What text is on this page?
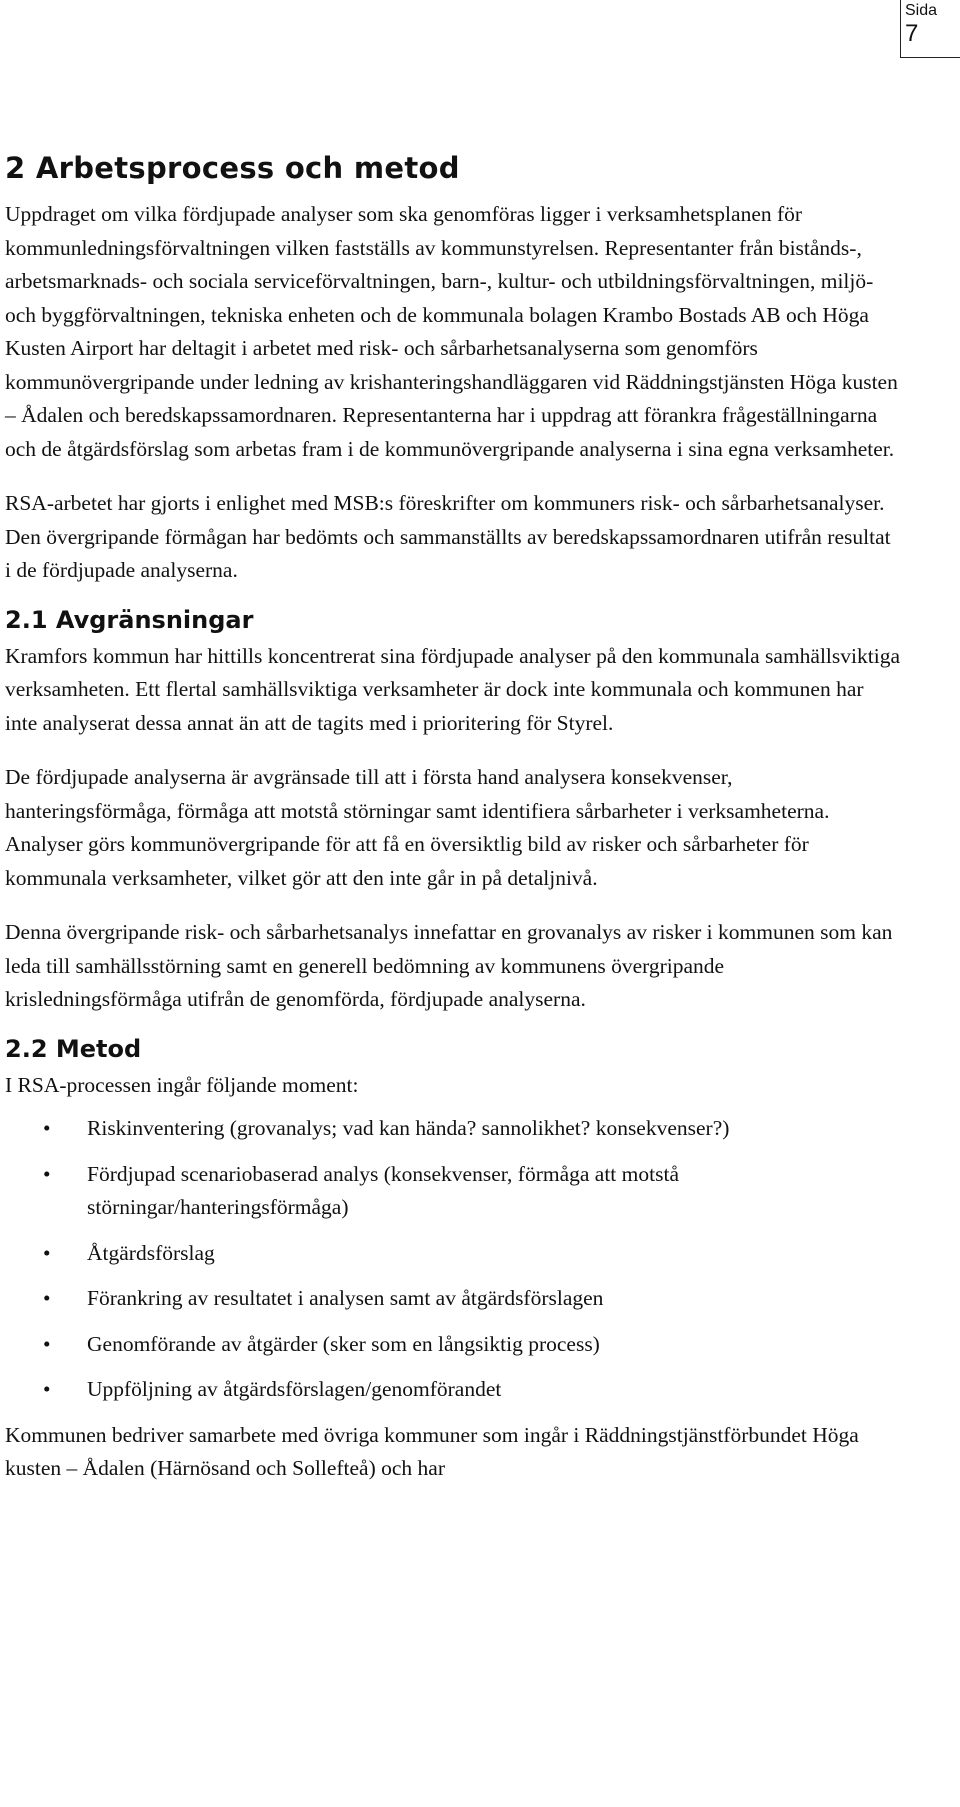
Sida
7
2 Arbetsprocess och metod

Uppdraget om vilka fördjupade analyser som ska genomföras ligger i verksamhetsplanen för kommunledningsförvaltningen vilken fastställs av kommunstyrelsen. Representanter från bistånds-, arbetsmarknads- och sociala serviceförvaltningen, barn-, kultur- och utbildningsförvaltningen, miljö- och byggförvaltningen, tekniska enheten och de kommunala bolagen Krambo Bostads AB och Höga Kusten Airport har deltagit i arbetet med risk- och sårbarhetsanalyserna som genomförs kommunövergripande under ledning av krishanteringshandläggaren vid Räddningstjänsten Höga kusten – Ådalen och beredskapssamordnaren. Representanterna har i uppdrag att förankra frågeställningarna och de åtgärdsförslag som arbetas fram i de kommunövergripande analyserna i sina egna verksamheter.

RSA-arbetet har gjorts i enlighet med MSB:s föreskrifter om kommuners risk- och sårbarhetsanalyser. Den övergripande förmågan har bedömts och sammanställts av beredskapssamordnaren utifrån resultat i de fördjupade analyserna.

2.1 Avgränsningar

Kramfors kommun har hittills koncentrerat sina fördjupade analyser på den kommunala samhällsviktiga verksamheten. Ett flertal samhällsviktiga verksamheter är dock inte kommunala och kommunen har inte analyserat dessa annat än att de tagits med i prioritering för Styrel.

De fördjupade analyserna är avgränsade till att i första hand analysera konsekvenser, hanteringsförmåga, förmåga att motstå störningar samt identifiera sårbarheter i verksamheterna. Analyser görs kommunövergripande för att få en översiktlig bild av risker och sårbarheter för kommunala verksamheter, vilket gör att den inte går in på detaljnivå.

Denna övergripande risk- och sårbarhetsanalys innefattar en grovanalys av risker i kommunen som kan leda till samhällsstörning samt en generell bedömning av kommunens övergripande krisledningsförmåga utifrån de genomförda, fördjupade analyserna.

2.2 Metod

I RSA-processen ingår följande moment:

• Riskinventering (grovanalys; vad kan hända? sannolikhet? konsekvenser?)
• Fördjupad scenariobaserad analys (konsekvenser, förmåga att motstå störningar/hanteringsförmåga)
• Åtgärdsförslag
• Förankring av resultatet i analysen samt av åtgärdsförslagen
• Genomförande av åtgärder (sker som en långsiktig process)
• Uppföljning av åtgärdsförslagen/genomförandet

Kommunen bedriver samarbete med övriga kommuner som ingår i Räddningstjänstförbundet Höga kusten – Ådalen (Härnösand och Sollefteå) och har
